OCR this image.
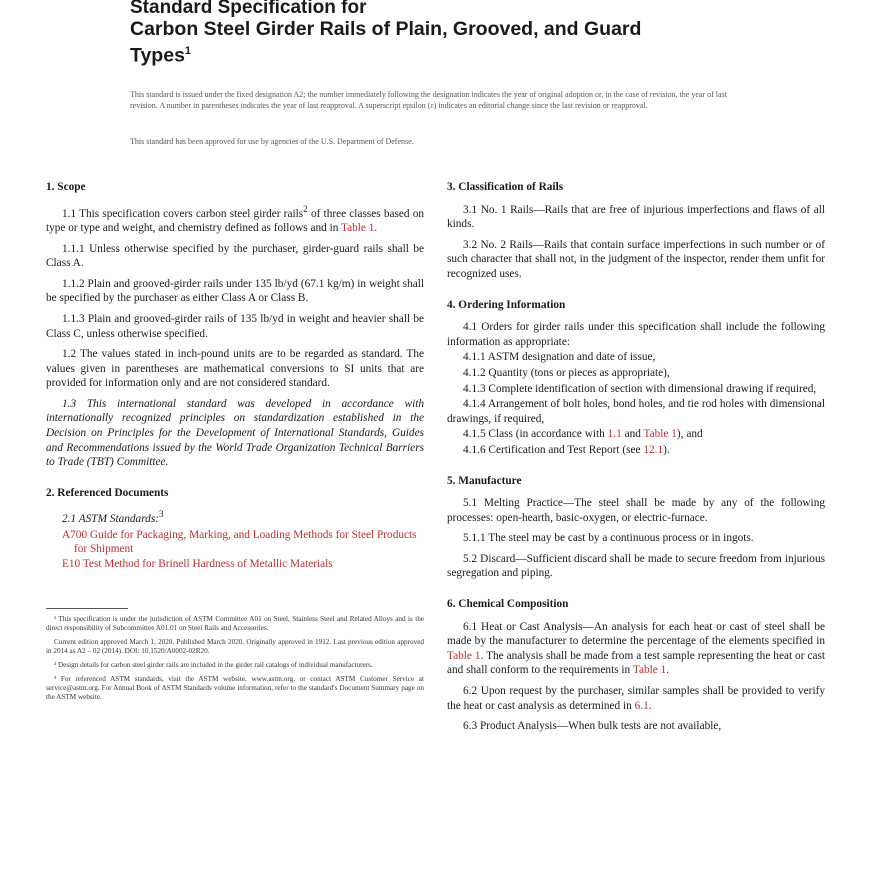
Standard Specification for
Carbon Steel Girder Rails of Plain, Grooved, and Guard
Types$^1$
This standard is issued under the fixed designation A2; the number immediately following the designation indicates the year of original adoption or, in the case of revision, the year of last revision. A number in parentheses indicates the year of last reapproval. A superscript epsilon (ε) indicates an editorial change since the last revision or reapproval.
This standard has been approved for use by agencies of the U.S. Department of Defense.
1. Scope
1.1 This specification covers carbon steel girder rails$^2$ of three classes based on type or type and weight, and chemistry defined as follows and in Table 1.
1.1.1 Unless otherwise specified by the purchaser, girder-guard rails shall be Class A.
1.1.2 Plain and grooved-girder rails under 135 lb/yd (67.1 kg/m) in weight shall be specified by the purchaser as either Class A or Class B.
1.1.3 Plain and grooved-girder rails of 135 lb/yd in weight and heavier shall be Class C, unless otherwise specified.
1.2 The values stated in inch-pound units are to be regarded as standard. The values given in parentheses are mathematical conversions to SI units that are provided for information only and are not considered standard.
1.3 This international standard was developed in accordance with internationally recognized principles on standardization established in the Decision on Principles for the Development of International Standards, Guides and Recommendations issued by the World Trade Organization Technical Barriers to Trade (TBT) Committee.
2. Referenced Documents
2.1 ASTM Standards:$^3$
A700 Guide for Packaging, Marking, and Loading Methods for Steel Products for Shipment
E10 Test Method for Brinell Hardness of Metallic Materials
¹ This specification is under the jurisdiction of ASTM Committee A01 on Steel, Stainless Steel and Related Alloys and is the direct responsibility of Subcommittee A01.01 on Steel Rails and Accessories.
Current edition approved March 1, 2020. Published March 2020. Originally approved in 1912. Last previous edition approved in 2014 as A2 – 02 (2014). DOI: 10.1520/A0002-02R20.
² Design details for carbon steel girder rails are included in the girder rail catalogs of individual manufacturers.
³ For referenced ASTM standards, visit the ASTM website, www.astm.org, or contact ASTM Customer Service at service@astm.org. For Annual Book of ASTM Standards volume information, refer to the standard's Document Summary page on the ASTM website.
3. Classification of Rails
3.1 No. 1 Rails—Rails that are free of injurious imperfections and flaws of all kinds.
3.2 No. 2 Rails—Rails that contain surface imperfections in such number or of such character that shall not, in the judgment of the inspector, render them unfit for recognized uses.
4. Ordering Information
4.1 Orders for girder rails under this specification shall include the following information as appropriate:
4.1.1 ASTM designation and date of issue,
4.1.2 Quantity (tons or pieces as appropriate),
4.1.3 Complete identification of section with dimensional drawing if required,
4.1.4 Arrangement of bolt holes, bond holes, and tie rod holes with dimensional drawings, if required,
4.1.5 Class (in accordance with 1.1 and Table 1), and
4.1.6 Certification and Test Report (see 12.1).
5. Manufacture
5.1 Melting Practice—The steel shall be made by any of the following processes: open-hearth, basic-oxygen, or electric-furnace.
5.1.1 The steel may be cast by a continuous process or in ingots.
5.2 Discard—Sufficient discard shall be made to secure freedom from injurious segregation and piping.
6. Chemical Composition
6.1 Heat or Cast Analysis—An analysis for each heat or cast of steel shall be made by the manufacturer to determine the percentage of the elements specified in Table 1. The analysis shall be made from a test sample representing the heat or cast and shall conform to the requirements in Table 1.
6.2 Upon request by the purchaser, similar samples shall be provided to verify the heat or cast analysis as determined in 6.1.
6.3 Product Analysis—When bulk tests are not available,
